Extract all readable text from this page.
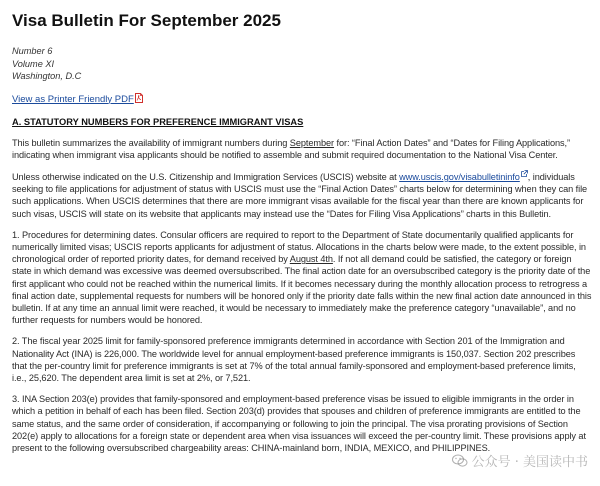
Visa Bulletin For September 2025
Number 6
Volume XI
Washington, D.C
View as Printer Friendly PDF
A. STATUTORY NUMBERS FOR PREFERENCE IMMIGRANT VISAS

This bulletin summarizes the availability of immigrant numbers during September for: “Final Action Dates” and “Dates for Filing Applications,” indicating when immigrant visa applicants should be notified to assemble and submit required documentation to the National Visa Center.

Unless otherwise indicated on the U.S. Citizenship and Immigration Services (USCIS) website at www.uscis.gov/visabulletininfo , individuals seeking to file applications for adjustment of status with USCIS must use the “Final Action Dates” charts below for determining when they can file such applications. When USCIS determines that there are more immigrant visas available for the fiscal year than there are known applicants for such visas, USCIS will state on its website that applicants may instead use the “Dates for Filing Visa Applications” charts in this Bulletin.

1. Procedures for determining dates. Consular officers are required to report to the Department of State documentarily qualified applicants for numerically limited visas; USCIS reports applicants for adjustment of status. Allocations in the charts below were made, to the extent possible, in chronological order of reported priority dates, for demand received by August 4th. If not all demand could be satisfied, the category or foreign state in which demand was excessive was deemed oversubscribed. The final action date for an oversubscribed category is the priority date of the first applicant who could not be reached within the numerical limits. If it becomes necessary during the monthly allocation process to retrogress a final action date, supplemental requests for numbers will be honored only if the priority date falls within the new final action date announced in this bulletin. If at any time an annual limit were reached, it would be necessary to immediately make the preference category “unavailable”, and no further requests for numbers would be honored.

2. The fiscal year 2025 limit for family-sponsored preference immigrants determined in accordance with Section 201 of the Immigration and Nationality Act (INA) is 226,000. The worldwide level for annual employment-based preference immigrants is 150,037. Section 202 prescribes that the per-country limit for preference immigrants is set at 7% of the total annual family-sponsored and employment-based preference limits, i.e., 25,620. The dependent area limit is set at 2%, or 7,521.

3. INA Section 203(e) provides that family-sponsored and employment-based preference visas be issued to eligible immigrants in the order in which a petition in behalf of each has been filed. Section 203(d) provides that spouses and children of preference immigrants are entitled to the same status, and the same order of consideration, if accompanying or following to join the principal. The visa prorating provisions of Section 202(e) apply to allocations for a foreign state or dependent area when visa issuances will exceed the per-country limit. These provisions apply at present to the following oversubscribed chargeability areas: CHINA-mainland born, INDIA, MEXICO, and PHILIPPINES.

公众号 · 美国读中书
